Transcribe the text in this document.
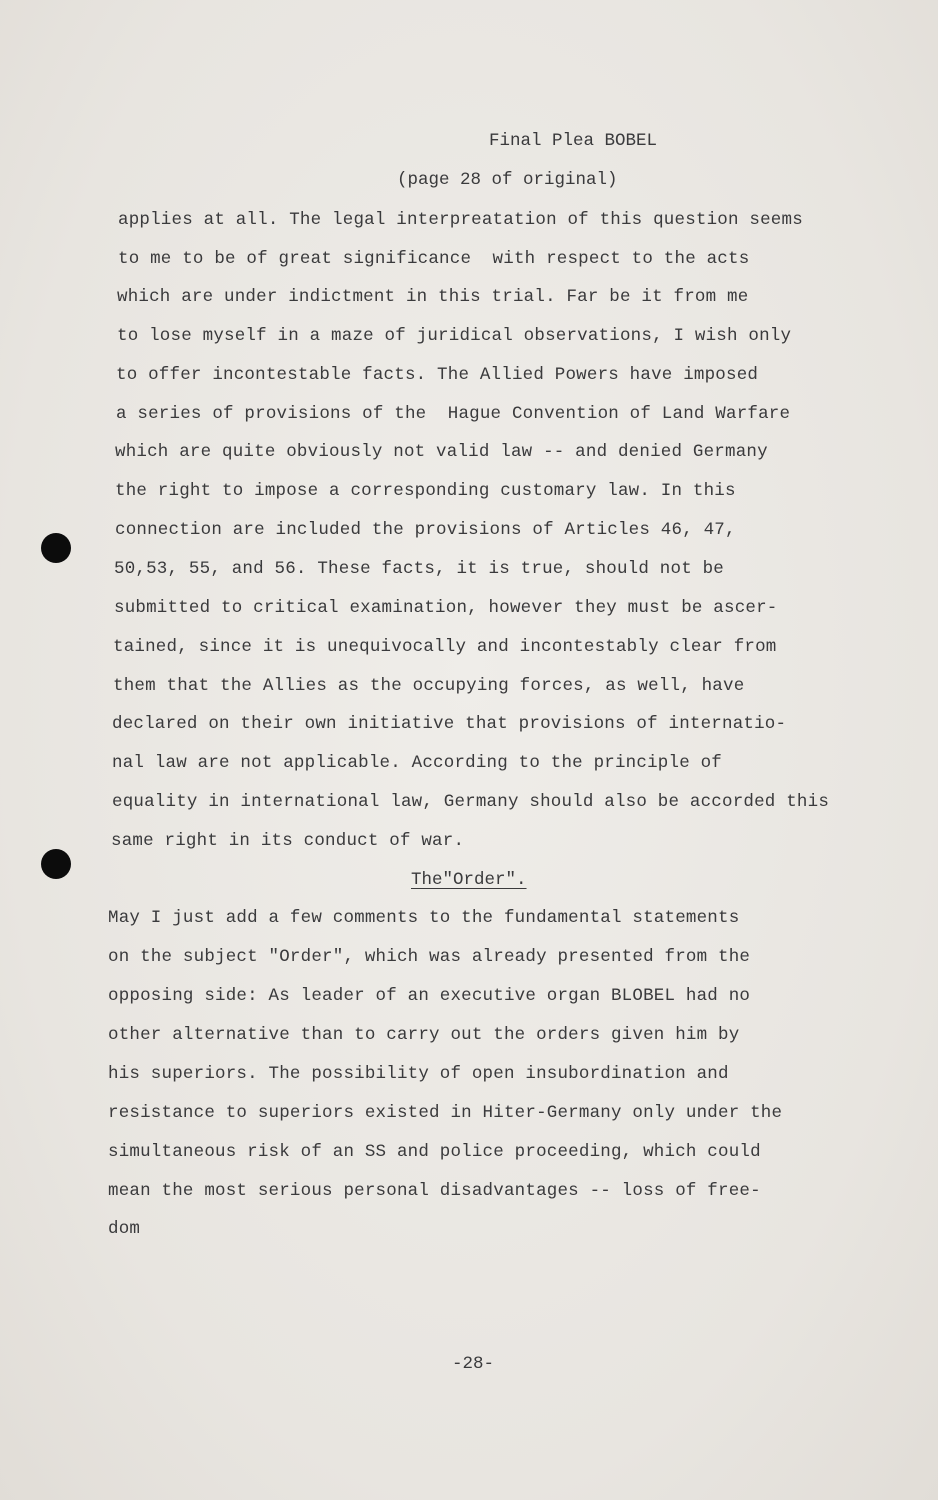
Final Plea BOBEL
(page 28 of original)
applies at all. The legal interpreatation of this question seems
to me to be of great significance  with respect to the acts
which are under indictment in this trial. Far be it from me
to lose myself in a maze of juridical observations, I wish only
to offer incontestable facts. The Allied Powers have imposed
a series of provisions of the  Hague Convention of Land Warfare
which are quite obviously not valid law -- and denied Germany
the right to impose a corresponding customary law. In this
connection are included the provisions of Articles 46, 47,
50,53, 55, and 56. These facts, it is true, should not be
submitted to critical examination, however they must be ascer-
tained, since it is unequivocally and incontestably clear from
them that the Allies as the occupying forces, as well, have
declared on their own initiative that provisions of internatio-
nal law are not applicable. According to the principle of
equality in international law, Germany should also be accorded this
same right in its conduct of war.
The"Order".
May I just add a few comments to the fundamental statements
on the subject "Order", which was already presented from the
opposing side: As leader of an executive organ BLOBEL had no
other alternative than to carry out the orders given him by
his superiors. The possibility of open insubordination and
resistance to superiors existed in Hiter-Germany only under the
simultaneous risk of an SS and police proceeding, which could
mean the most serious personal disadvantages -- loss of free-
dom
-28-
